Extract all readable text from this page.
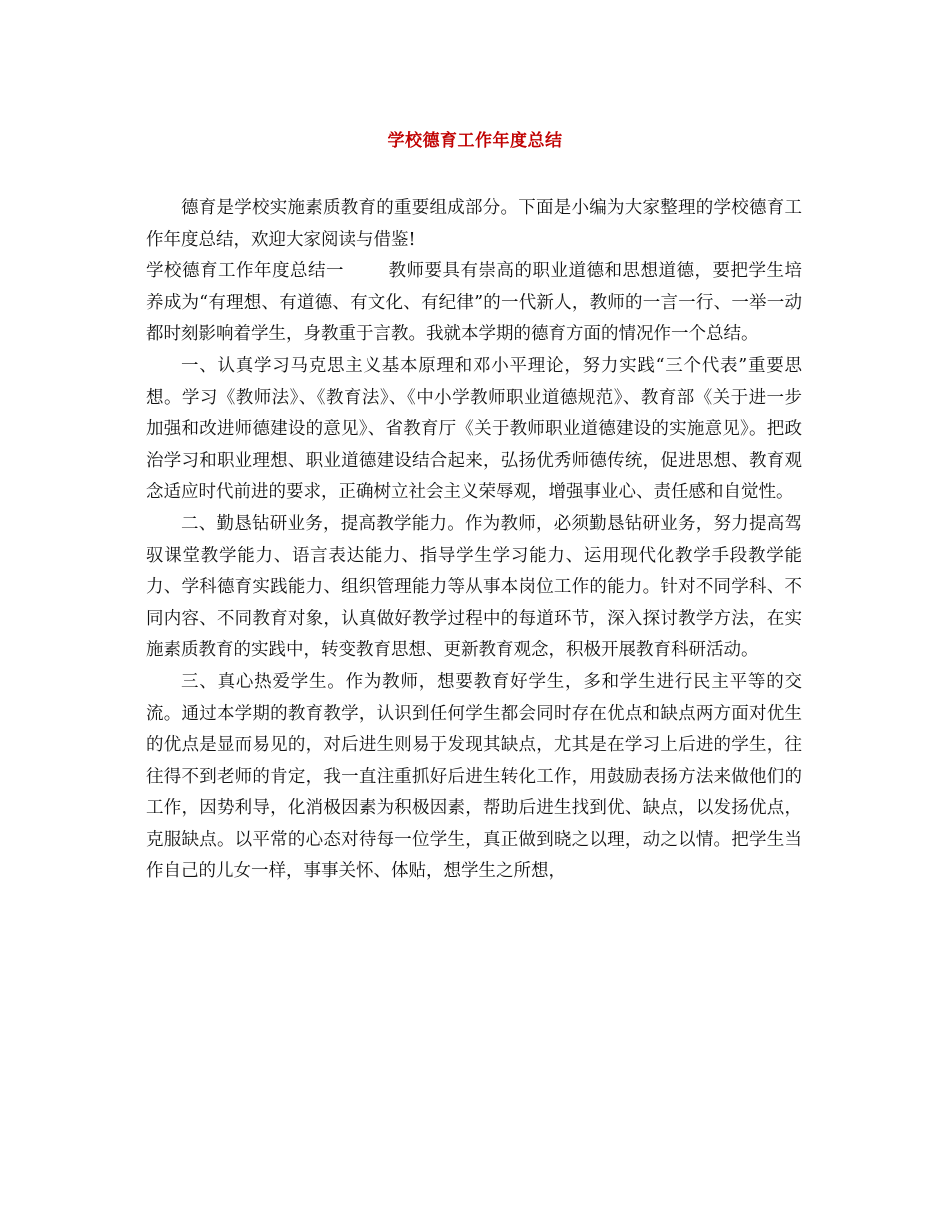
学校德育工作年度总结

德育是学校实施素质教育的重要组成部分。下面是小编为大家整理的学校德育工作年度总结，欢迎大家阅读与借鉴!

学校德育工作年度总结一	教师要具有崇高的职业道德和思想道德，要把学生培养成为“有理想、有道德、有文化、有纪律”的一代新人，教师的一言一行、一举一动都时刻影响着学生，身教重于言教。我就本学期的德育方面的情况作一个总结。

一、认真学习马克思主义基本原理和邓小平理论，努力实践“三个代表”重要思想。学习《教师法》、《教育法》、《中小学教师职业道德规范》、教育部《关于进一步加强和改进师德建设的意见》、省教育厅《关于教师职业道德建设的实施意见》。把政治学习和职业理想、职业道德建设结合起来，弘扬优秀师德传统，促进思想、教育观念适应时代前进的要求，正确树立社会主义荣辱观，增强事业心、责任感和自觉性。

二、勤恳钻研业务，提高教学能力。作为教师，必须勤恳钻研业务，努力提高驾驭课堂教学能力、语言表达能力、指导学生学习能力、运用现代化教学手段教学能力、学科德育实践能力、组织管理能力等从事本岗位工作的能力。针对不同学科、不同内容、不同教育对象，认真做好教学过程中的每道环节，深入探讨教学方法，在实施素质教育的实践中，转变教育思想、更新教育观念，积极开展教育科研活动。

三、真心热爱学生。作为教师，想要教育好学生，多和学生进行民主平等的交流。通过本学期的教育教学，认识到任何学生都会同时存在优点和缺点两方面对优生的优点是显而易见的，对后进生则易于发现其缺点，尤其是在学习上后进的学生，往往得不到老师的肯定，我一直注重抓好后进生转化工作，用鼓励表扬方法来做他们的工作，因势利导，化消极因素为积极因素，帮助后进生找到优、缺点，以发扬优点，克服缺点。以平常的心态对待每一位学生，真正做到晓之以理，动之以情。把学生当作自己的儿女一样，事事关怀、体贴，想学生之所想，
